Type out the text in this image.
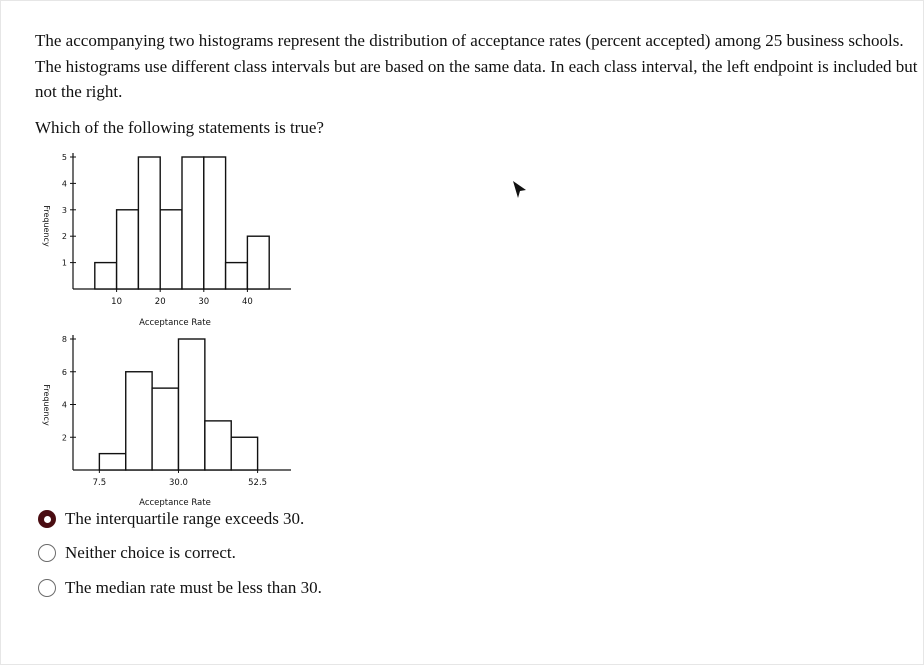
The accompanying two histograms represent the distribution of acceptance rates (percent accepted) among 25 business schools. The histograms use different class intervals but are based on the same data. In each class interval, the left endpoint is included but not the right.

Which of the following statements is true?

1
2
3
4
5
10	20	30	40
Acceptance Rate
Frequency
2
4
6
8
7.5	30.0	52.5
Acceptance Rate
Frequency
The interquartile range exceeds 30.
Neither choice is correct.
The median rate must be less than 30.
